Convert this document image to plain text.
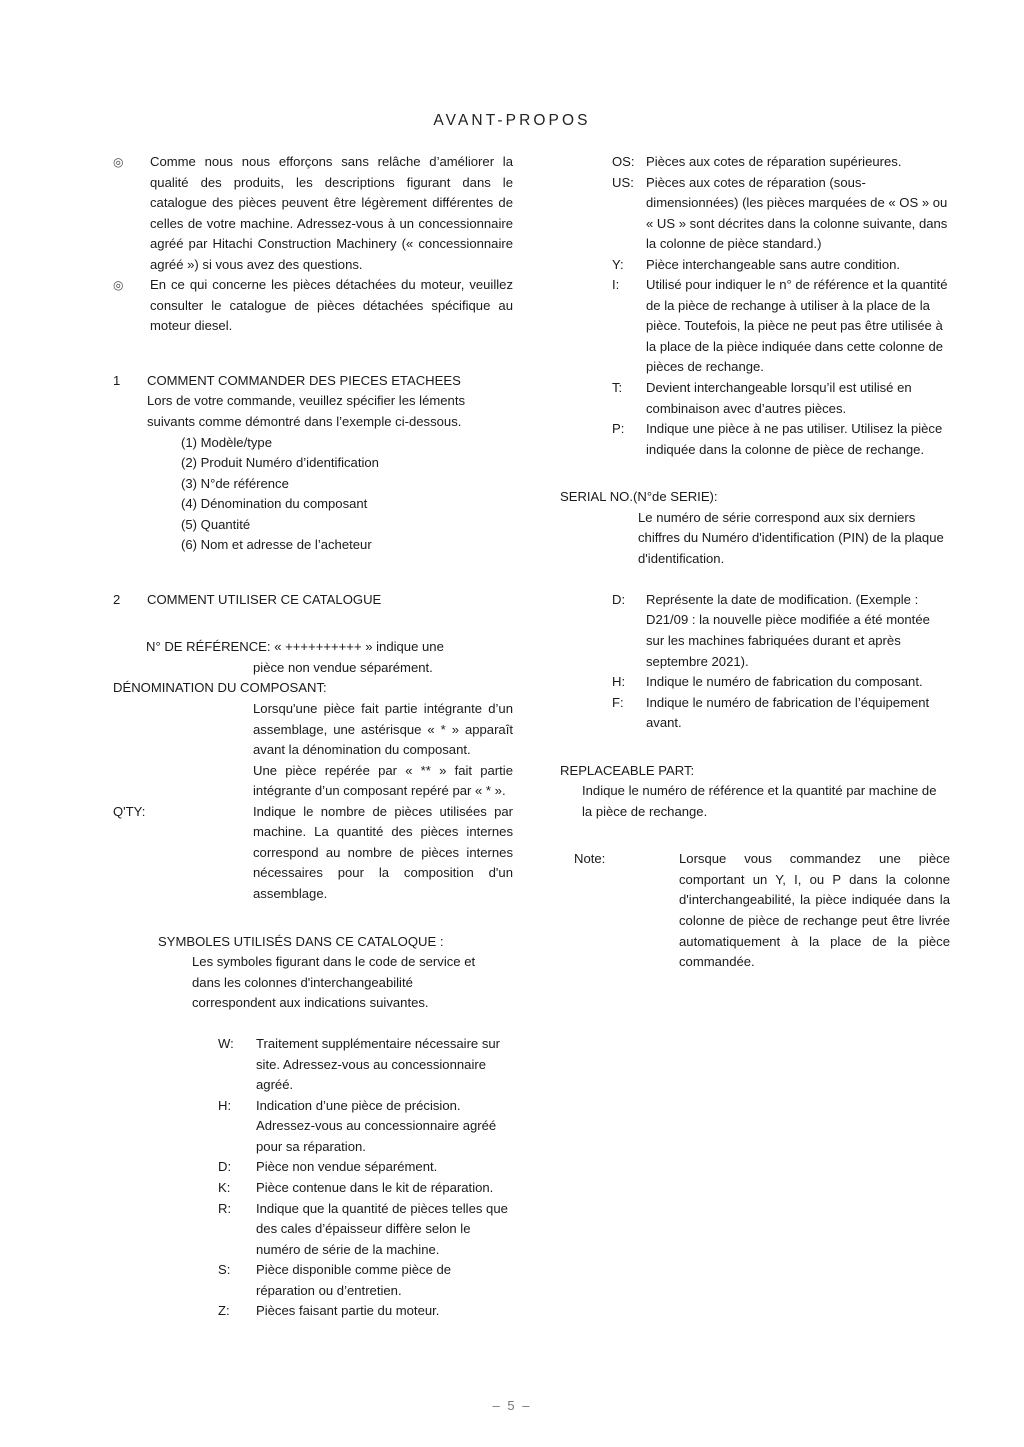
AVANT-PROPOS
◎	Comme nous nous efforçons sans relâche d’améliorer la qualité des produits, les descriptions figurant dans le catalogue des pièces peuvent être légèrement différentes de celles de votre machine. Adressez-vous à un concessionnaire agréé par Hitachi Construction Machinery (« concessionnaire agréé ») si vous avez des questions.
◎	En ce qui concerne les pièces détachées du moteur, veuillez consulter le catalogue de pièces détachées spécifique au moteur diesel.
1	COMMENT COMMANDER DES PIECES ETACHEES
Lors de votre commande, veuillez spécifier les léments suivants comme démontré dans l’exemple ci-dessous.
(1) Modèle/type
(2) Produit Numéro d’identification
(3) N°de référence
(4) Dénomination du composant
(5) Quantité
(6) Nom et adresse de l’acheteur
2	COMMENT UTILISER CE CATALOGUE
N° DE RÉFÉRENCE: « ++++++++++ » indique une
pièce non vendue séparément.
DÉNOMINATION DU COMPOSANT:
Lorsqu'une pièce fait partie intégrante d’un assemblage, une astérisque « * » apparaît avant la dénomination du composant.
Une pièce repérée par « ** » fait partie intégrante d’un composant repéré par « * ».
Q'TY:	Indique le nombre de pièces utilisées par machine. La quantité des pièces internes correspond au nombre de pièces internes nécessaires pour la composition d'un assemblage.
SYMBOLES UTILISÉS DANS CE CATALOQUE :
Les symboles figurant dans le code de service et
dans les colonnes d'interchangeabilité
correspondent aux indications suivantes.
W:	Traitement supplémentaire nécessaire sur site. Adressez-vous au concessionnaire agréé.
H:	Indication d’une pièce de précision. Adressez-vous au concessionnaire agréé pour sa réparation.
D:	Pièce non vendue séparément.
K:	Pièce contenue dans le kit de réparation.
R:	Indique que la quantité de pièces telles que des cales d’épaisseur diffère selon le numéro de série de la machine.
S:	Pièce disponible comme pièce de réparation ou d’entretien.
Z:	Pièces faisant partie du moteur.
OS: Pièces aux cotes de réparation supérieures.
US: Pièces aux cotes de réparation (sous-dimensionnées) (les pièces marquées de « OS » ou « US » sont décrites dans la colonne suivante, dans la colonne de pièce standard.)
Y:	Pièce interchangeable sans autre condition.
I:	Utilisé pour indiquer le n° de référence et la quantité de la pièce de rechange à utiliser à la place de la pièce. Toutefois, la pièce ne peut pas être utilisée à la place de la pièce indiquée dans cette colonne de pièces de rechange.
T:	Devient interchangeable lorsqu’il est utilisé en combinaison avec d’autres pièces.
P:	Indique une pièce à ne pas utiliser. Utilisez la pièce indiquée dans la colonne de pièce de rechange.
SERIAL NO.(N°de SERIE):
Le numéro de série correspond aux six derniers chiffres du Numéro d'identification (PIN) de la plaque d'identification.
D:	Représente la date de modification. (Exemple : D21/09 : la nouvelle pièce modifiée a été montée sur les machines fabriquées durant et après septembre 2021).
H:	Indique le numéro de fabrication du composant.
F:	Indique le numéro de fabrication de l’équipement avant.
REPLACEABLE PART:
Indique le numéro de référence et la quantité par machine de la pièce de rechange.
Note:	Lorsque vous commandez une pièce comportant un Y, I, ou P dans la colonne d'interchangeabilité, la pièce indiquée dans la colonne de pièce de rechange peut être livrée automatiquement à la place de la pièce commandée.
– 5 –
